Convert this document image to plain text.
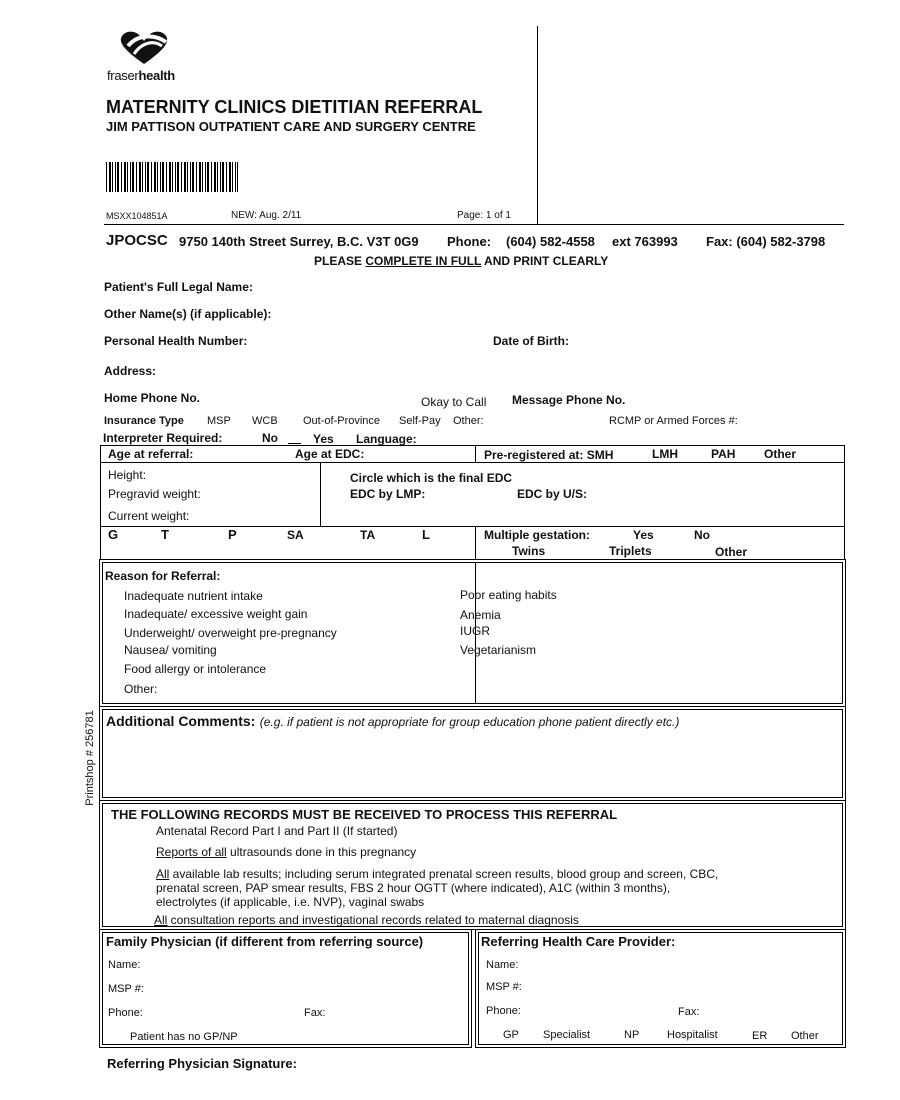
fraserhealth
MATERNITY CLINICS DIETITIAN REFERRAL
JIM PATTISON OUTPATIENT CARE AND SURGERY CENTRE
MSXX104851A	NEW: Aug. 2/11	Page: 1 of 1
JPOCSC 9750 140th Street Surrey, B.C. V3T 0G9 Phone: (604) 582-4558 ext 763993 Fax: (604) 582-3798
PLEASE COMPLETE IN FULL AND PRINT CLEARLY
Patient's Full Legal Name:
Other Name(s) (if applicable):
Personal Health Number:	Date of Birth:
Address:
Home Phone No.	Okay to Call Message Phone No.
Insurance Type MSP WCB Out-of-Province Self-Pay Other:	RCMP or Armed Forces #:
Interpreter Required:	No	Yes Language:
Age at referral:	Age at EDC:	Pre-registered at: SMH	LMH	PAH Other
Height:
Pregravid weight:
Current weight:
Circle which is the final EDC
EDC by LMP:	EDC by U/S:
G	T	P	SA	TA	L	Multiple gestation:	Yes	No
Twins	Triplets	Other
Reason for Referral:
Inadequate nutrient intake
Inadequate/ excessive weight gain
Underweight/ overweight pre-pregnancy
Nausea/ vomiting
Food allergy or intolerance
Other:
Poor eating habits
Anemia
IUGR
Vegetarianism
Printshop # 256781 Additional Comments: (e.g. if patient is not appropriate for group education phone patient directly etc.)
THE FOLLOWING RECORDS MUST BE RECEIVED TO PROCESS THIS REFERRAL
Antenatal Record Part I and Part II (If started)
Reports of all ultrasounds done in this pregnancy
All available lab results; including serum integrated prenatal screen results, blood group and screen, CBC,
prenatal screen, PAP smear results, FBS 2 hour OGTT (where indicated), A1C (within 3 months),
electrolytes (if applicable, i.e. NVP), vaginal swabs
All consultation reports and investigational records related to maternal diagnosis
Family Physician (if different from referring source)
Name:
MSP #:
Phone:	Fax:
Patient has no GP/NP
Referring Health Care Provider:
Name:
MSP #:
Phone:	Fax:
GP Specialist	NP	Hospitalist	ER Other
Referring Physician Signature:
